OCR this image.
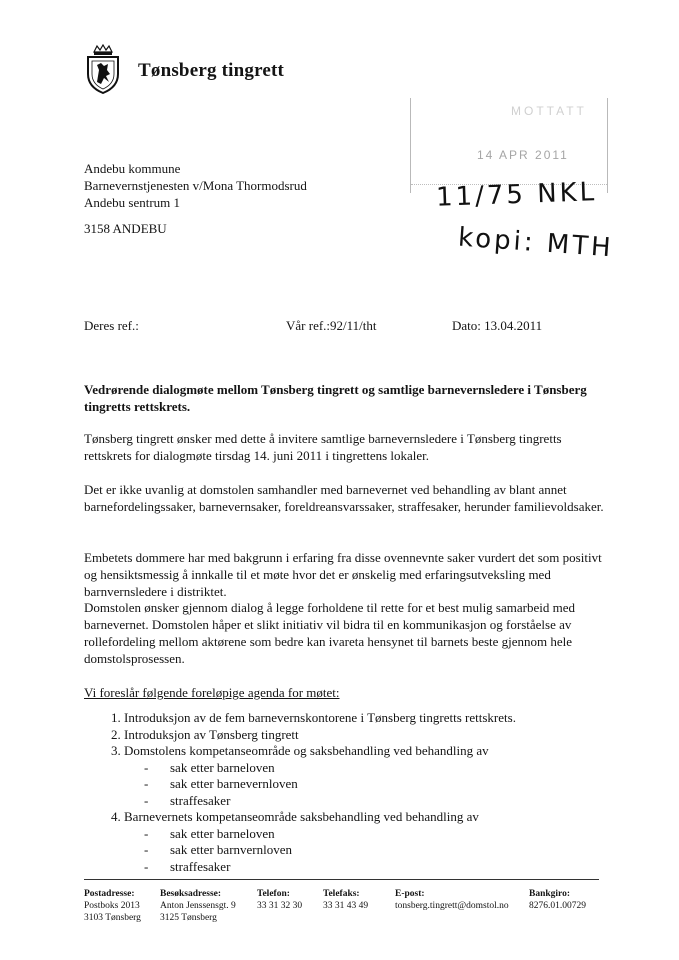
Tønsberg tingrett
Andebu kommune
Barnevernstjenesten v/Mona Thormodsrud
Andebu sentrum 1
3158 ANDEBU
MOTTATT
14 APR 2011
11/75 NKL
kopi: MTH
Deres ref.:	Vår ref.:92/11/tht	Dato: 13.04.2011
Vedrørende dialogmøte mellom Tønsberg tingrett og samtlige barnevernsledere i Tønsberg tingretts rettskrets.
Tønsberg tingrett ønsker med dette å invitere samtlige barnevernsledere i Tønsberg tingretts rettskrets for dialogmøte tirsdag 14. juni 2011 i tingrettens lokaler.
Det er ikke uvanlig at domstolen samhandler med barnevernet ved behandling av blant annet barnefordelingssaker, barnevernsaker, foreldreansvarssaker, straffesaker, herunder familievoldsaker.
Embetets dommere har med bakgrunn i erfaring fra disse ovennevnte saker vurdert det som positivt og hensiktsmessig å innkalle til et møte hvor det er ønskelig med erfaringsutveksling med barnvernsledere i distriktet.
Domstolen ønsker gjennom dialog å legge forholdene til rette for et best mulig samarbeid med barnevernet. Domstolen håper et slikt initiativ vil bidra til en kommunikasjon og forståelse av rollefordeling mellom aktørene som bedre kan ivareta hensynet til barnets beste gjennom hele domstolsprosessen.
Vi foreslår følgende foreløpige agenda for møtet:
1. Introduksjon av de fem barnevernskontorene i Tønsberg tingretts rettskrets.
2. Introduksjon av Tønsberg tingrett
3. Domstolens kompetanseområde og saksbehandling ved behandling av
- sak etter barneloven
- sak etter barnevernloven
- straffesaker
4. Barnevernets kompetanseområde saksbehandling ved behandling av
- sak etter barneloven
- sak etter barnvernloven
- straffesaker
Postadresse:
Postboks 2013
3103 Tønsberg
Besøksadresse:
Anton Jenssensgt. 9
3125 Tønsberg
Telefon:
33 31 32 30
Telefaks:
33 31 43 49
E-post:
tonsberg.tingrett@domstol.no
Bankgiro:
8276.01.00729
